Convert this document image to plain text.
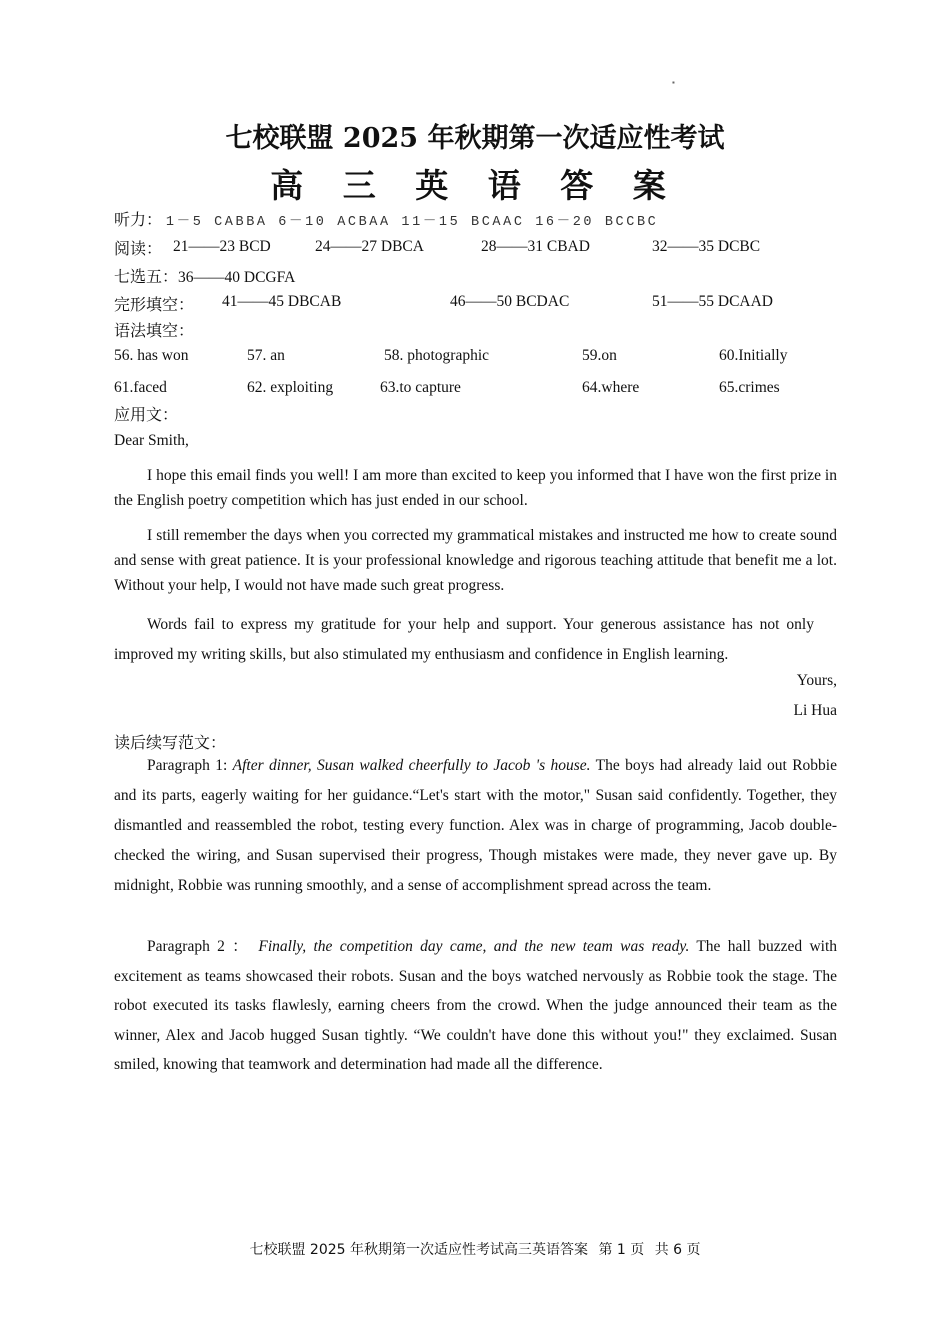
▪
七校联盟 2025 年秋期第一次适应性考试
高 三 英 语 答 案
听力： 1－5 CABBA 6－10 ACBAA 11－15 BCAAC 16－20 BCCBC
阅读： 21——23 BCD	24——27 DBCA	28——31 CBAD	32——35 DCBC
七选五：36——40 DCGFA
完形填空： 41——45 DBCAB	46——50 BCDAC	51——55 DCAAD
语法填空：
56. has won	57. an	58. photographic	59.on	60.Initially
61.faced	62. exploiting	63.to capture	64.where	65.crimes
应用文：
Dear Smith,
I hope this email finds you well! I am more than excited to keep you informed that I have won the first prize in the English poetry competition which has just ended in our school.
I still remember the days when you corrected my grammatical mistakes and instructed me how to create sound and sense with great patience. It is your professional knowledge and rigorous teaching attitude that benefit me a lot. Without your help, I would not have made such great progress.
Words fail to express my gratitude for your help and support. Your generous assistance has not only improved my writing skills, but also stimulated my enthusiasm and confidence in English learning.
Yours,
Li Hua
读后续写范文：
Paragraph 1: After dinner, Susan walked cheerfully to Jacob 's house. The boys had already laid out Robbie and its parts, eagerly waiting for her guidance.“Let's start with the motor," Susan said confidently. Together, they dismantled and reassembled the robot, testing every function. Alex was in charge of programming, Jacob double-checked the wiring, and Susan supervised their progress, Though mistakes were made, they never gave up. By midnight, Robbie was running smoothly, and a sense of accomplishment spread across the team.
Paragraph 2 ： Finally, the competition day came, and the new team was ready. The hall buzzed with excitement as teams showcased their robots. Susan and the boys watched nervously as Robbie took the stage. The robot executed its tasks flawlesly, earning cheers from the crowd. When the judge announced their team as the winner, Alex and Jacob hugged Susan tightly. “We couldn't have done this without you!" they exclaimed. Susan smiled, knowing that teamwork and determination had made all the difference.
七校联盟 2025 年秋期第一次适应性考试高三英语答案 第 1 页 共 6 页
